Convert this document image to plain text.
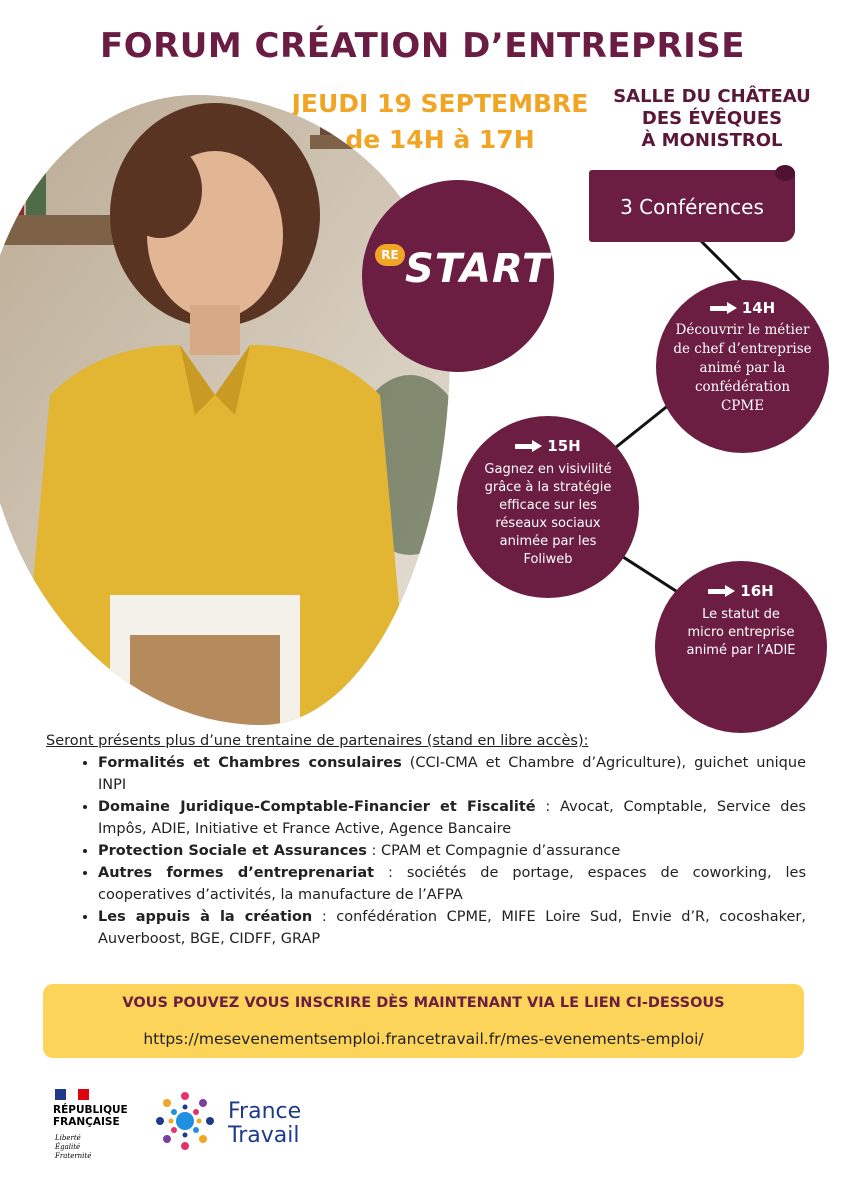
FORUM CRÉATION D’ENTREPRISE
JEUDI 19 SEPTEMBRE
de 14H à 17H
SALLE DU CHÂTEAU
DES ÉVÊQUES
À MONISTROL
RE START
3 Conférences
14H
Découvrir le métier
de chef d’entreprise
animé par la
confédération
CPME
15H
Gagnez en visivilité
grâce à la stratégie
efficace sur les
réseaux sociaux
animée par les
Foliweb
16H
Le statut de
micro entreprise
animé par l’ADIE
Seront présents plus d’une trentaine de partenaires (stand en libre accès):
• Formalités et Chambres consulaires (CCI-CMA et Chambre d’Agriculture), guichet unique INPI
• Domaine Juridique-Comptable-Financier et Fiscalité : Avocat, Comptable, Service des Impôs, ADIE, Initiative et France Active, Agence Bancaire
• Protection Sociale et Assurances : CPAM et Compagnie d’assurance
• Autres formes d’entreprenariat : sociétés de portage, espaces de coworking, les cooperatives d’activités, la manufacture de l’AFPA
• Les appuis à la création : confédération CPME, MIFE Loire Sud, Envie d’R, cocoshaker, Auverboost, BGE, CIDFF, GRAP
VOUS POUVEZ VOUS INSCRIRE DÈS MAINTENANT VIA LE LIEN CI-DESSOUS
https://mesevenementsemploi.francetravail.fr/mes-evenements-emploi/
RÉPUBLIQUE
FRANÇAISE
Liberté
Égalité
Fraternité
France
Travail
